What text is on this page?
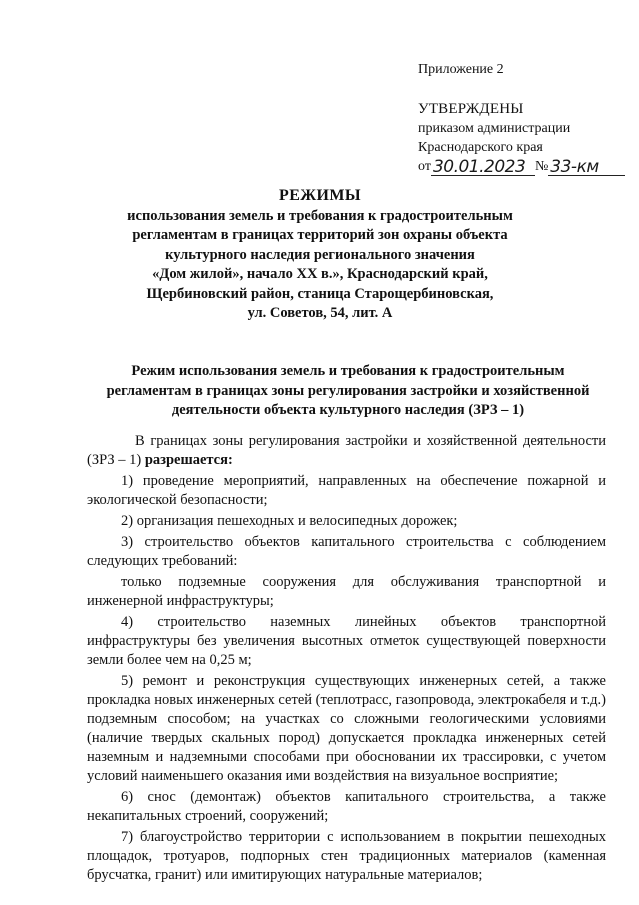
Приложение 2
УТВЕРЖДЕНЫ
приказом администрации
Краснодарского края
от 30.01.2023 № 33-км
РЕЖИМЫ
использования земель и требования к градостроительным
регламентам в границах территорий зон охраны объекта
культурного наследия регионального значения
«Дом жилой», начало XX в.», Краснодарский край,
Щербиновский район, станица Старощербиновская,
ул. Советов, 54, лит. А
Режим использования земель и требования к градостроительным
регламентам в границах зоны регулирования застройки и хозяйственной
деятельности объекта культурного наследия (ЗРЗ – 1)

В границах зоны регулирования застройки и хозяйственной деятельности (ЗРЗ – 1) разрешается:

1) проведение мероприятий, направленных на обеспечение пожарной и экологической безопасности;

2) организация пешеходных и велосипедных дорожек;

3) строительство объектов капитального строительства с соблюдением следующих требований:

только подземные сооружения для обслуживания транспортной и инженерной инфраструктуры;

4) строительство наземных линейных объектов транспортной инфраструктуры без увеличения высотных отметок существующей поверхности земли более чем на 0,25 м;

5) ремонт и реконструкция существующих инженерных сетей, а также прокладка новых инженерных сетей (теплотрасс, газопровода, электрокабеля и т.д.) подземным способом; на участках со сложными геологическими условиями (наличие твердых скальных пород) допускается прокладка инженерных сетей наземным и надземными способами при обосновании их трассировки, с учетом условий наименьшего оказания ими воздействия на визуальное восприятие;

6) снос (демонтаж) объектов капитального строительства, а также некапитальных строений, сооружений;

7) благоустройство территории с использованием в покрытии пешеходных площадок, тротуаров, подпорных стен традиционных материалов (каменная брусчатка, гранит) или имитирующих натуральные материалов;
